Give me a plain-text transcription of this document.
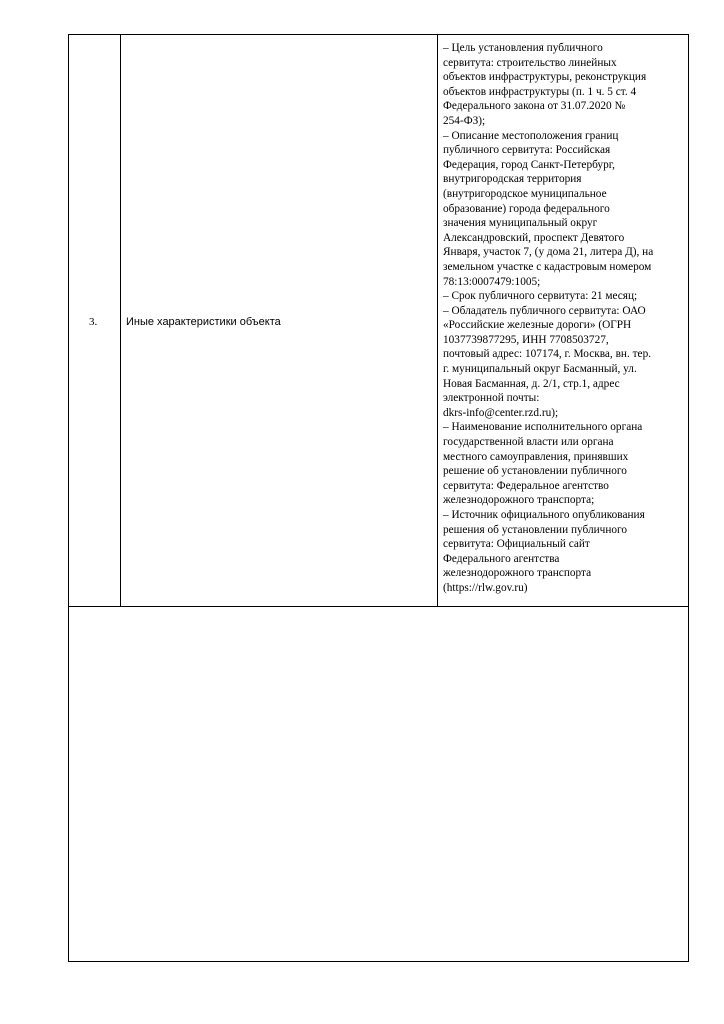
3.	Иные характеристики объекта
– Цель установления публичного
сервитута: строительство линейных
объектов инфраструктуры, реконструкция
объектов инфраструктуры (п. 1 ч. 5 ст. 4
Федерального закона от 31.07.2020 №
254-ФЗ);
– Описание местоположения границ
публичного сервитута: Российская
Федерация, город Санкт-Петербург,
внутригородская территория
(внутригородское муниципальное
образование) города федерального
значения муниципальный округ
Александровский, проспект Девятого
Января, участок 7, (у дома 21, литера Д), на
земельном участке с кадастровым номером
78:13:0007479:1005;
– Срок публичного сервитута: 21 месяц;
– Обладатель публичного сервитута: ОАО
«Российские железные дороги» (ОГРН
1037739877295, ИНН 7708503727,
почтовый адрес: 107174, г. Москва, вн. тер.
г. муниципальный округ Басманный, ул.
Новая Басманная, д. 2/1, стр.1, адрес
электронной почты:
dkrs-info@center.rzd.ru);
– Наименование исполнительного органа
государственной власти или органа
местного самоуправления, принявших
решение об установлении публичного
сервитута: Федеральное агентство
железнодорожного транспорта;
– Источник официального опубликования
решения об установлении публичного
сервитута: Официальный сайт
Федерального агентства
железнодорожного транспорта
(https://rlw.gov.ru)
